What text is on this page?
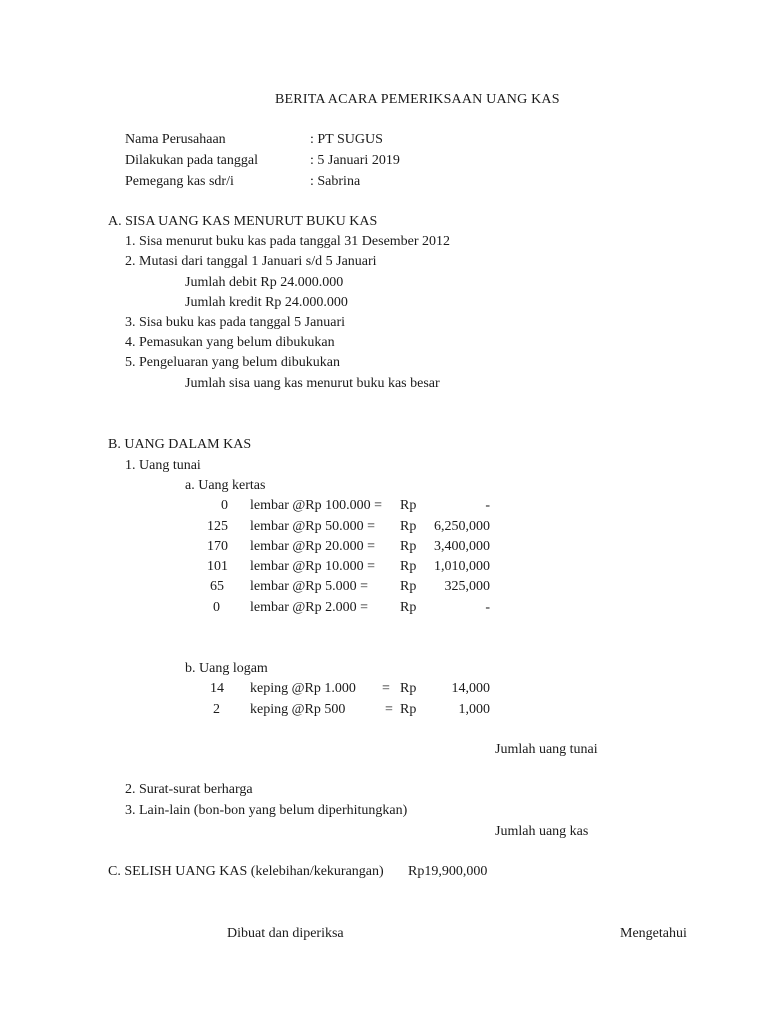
BERITA ACARA PEMERIKSAAN UANG KAS
Nama Perusahaan	: PT SUGUS
Dilakukan pada tanggal	: 5 Januari 2019
Pemegang kas sdr/i	: Sabrina
A. SISA UANG KAS MENURUT BUKU KAS
1. Sisa menurut buku kas pada tanggal 31 Desember 2012
2. Mutasi dari tanggal 1 Januari s/d 5 Januari
Jumlah debit Rp 24.000.000
Jumlah kredit Rp 24.000.000
3. Sisa buku kas pada tanggal 5 Januari
4. Pemasukan yang belum dibukukan
5. Pengeluaran yang belum dibukukan
Jumlah sisa uang kas menurut buku kas besar
B. UANG DALAM KAS
1. Uang tunai
a. Uang kertas
0 lembar @Rp 100.000 = Rp	-
125 lembar @Rp 50.000 = Rp	6,250,000
170 lembar @Rp 20.000 = Rp	3,400,000
101 lembar @Rp 10.000 = Rp	1,010,000
65 lembar @Rp 5.000 = Rp	325,000
0 lembar @Rp 2.000 = Rp	-
b. Uang logam
14 keping @Rp 1.000 = Rp	14,000
2 keping @Rp 500	= Rp	1,000
Jumlah uang tunai
2. Surat-surat berharga
3. Lain-lain (bon-bon yang belum diperhitungkan)
Jumlah uang kas
C. SELISH UANG KAS (kelebihan/kekurangan)	Rp19,900,000
Dibuat dan diperiksa	Mengetahui
